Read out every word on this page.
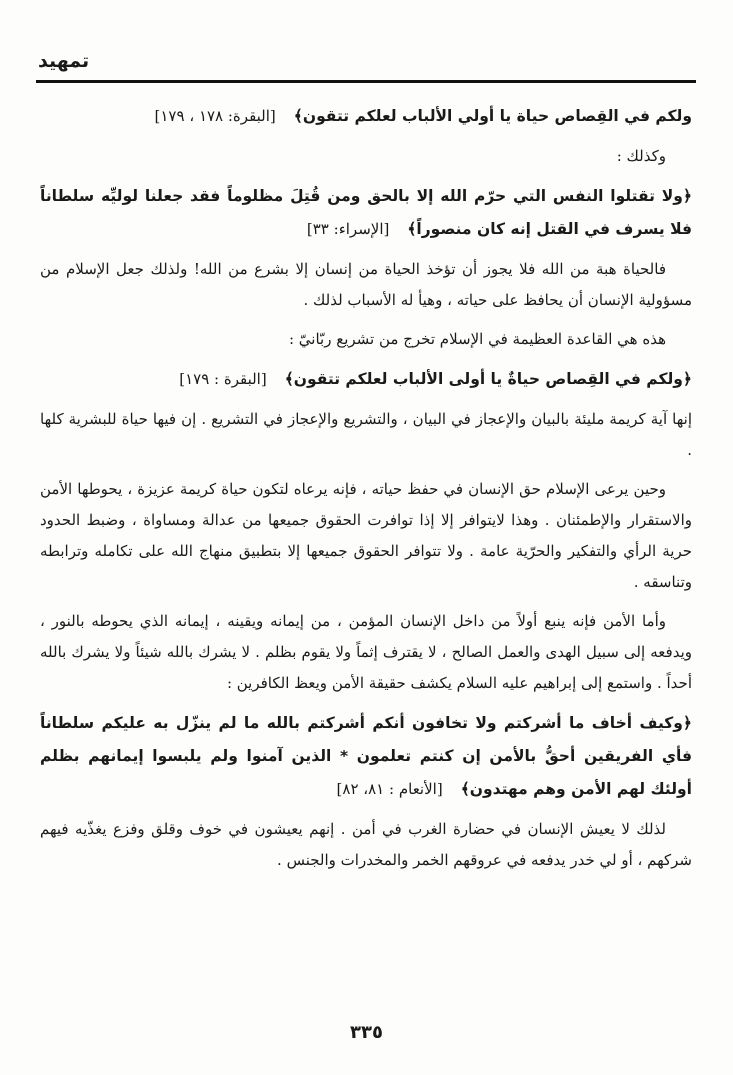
تمهيد

ولكم في القِصاص حياة يا أولي الألباب لعلكم تتقون﴾[البقرة: ١٧٨ ، ١٧٩]

وكذلك :

﴿ولا تقتلوا النفس التي حرّم الله إلا بالحق ومن قُتِلَ مظلوماً فقد جعلنا لوليِّه سلطاناً فلا يسرف في القتل إنه كان منصوراً﴾[الإسراء: ٣٣]

فالحياة هبة من الله فلا يجوز أن تؤخذ الحياة من إنسان إلا بشرع من الله! ولذلك جعل الإسلام من مسؤولية الإنسان أن يحافظ على حياته ، وهيأ له الأسباب لذلك .

هذه هي القاعدة العظيمة في الإسلام تخرج من تشريع ربّانيّ :

﴿ولكم في القِصاص حياةٌ يا أولى الألباب لعلكم تتقون﴾[البقرة : ١٧٩]

إنها آية كريمة مليئة بالبيان والإعجاز في البيان ، والتشريع والإعجاز في التشريع . إن فيها حياة للبشرية كلها .

وحين يرعى الإسلام حق الإنسان في حفظ حياته ، فإنه يرعاه لتكون حياة كريمة عزيزة ، يحوطها الأمن والاستقرار والإطمئنان . وهذا لايتوافر إلا إذا توافرت الحقوق جميعها من عدالة ومساواة ، وضبط الحدود حرية الرأي والتفكير والحرّية عامة . ولا تتوافر الحقوق جميعها إلا بتطبيق منهاج الله على تكامله وترابطه وتناسقه .

وأما الأمن فإنه ينبع أولاً من داخل الإنسان المؤمن ، من إيمانه ويقينه ، إيمانه الذي يحوطه بالنور ، ويدفعه إلى سبيل الهدى والعمل الصالح ، لا يقترف إثماً ولا يقوم بظلم . لا يشرك بالله شيئاً ولا يشرك بالله أحداً . واستمع إلى إبراهيم عليه السلام يكشف حقيقة الأمن ويعظ الكافرين :

﴿وكيف أخاف ما أشركتم ولا تخافون أنكم أشركتم بالله ما لم ينزّل به عليكم سلطاناً فأي الفريقين أحقُّ بالأمن إن كنتم تعلمون * الذين آمنوا ولم يلبسوا إيمانهم بظلم أولئك لهم الأمن وهم مهتدون﴾[الأنعام : ٨١، ٨٢]

لذلك لا يعيش الإنسان في حضارة الغرب في أمن . إنهم يعيشون في خوف وقلق وفزع يغذّيه فيهم شركهم ، أو لي خدر يدفعه في عروقهم الخمر والمخدرات والجنس .

٣٣٥
